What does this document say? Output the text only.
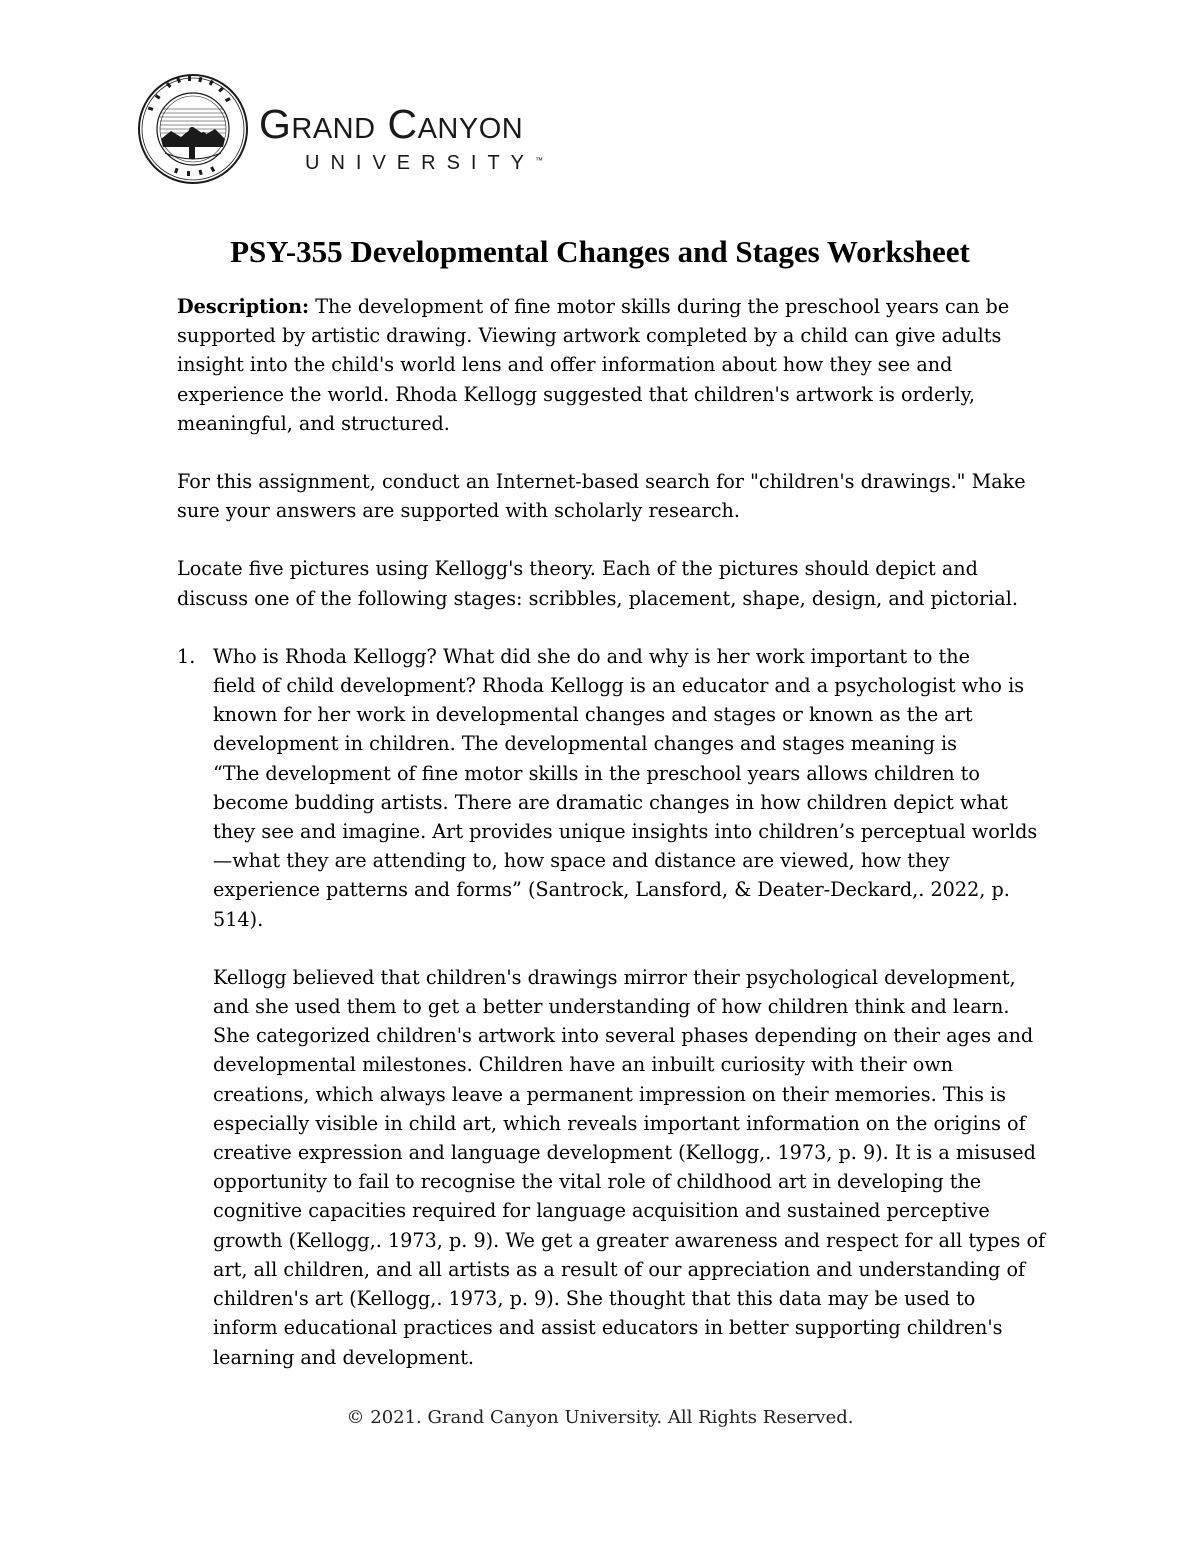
Grand Canyon
UNIVERSITY™
PSY-355 Developmental Changes and Stages Worksheet

Description: The development of fine motor skills during the preschool years can be
supported by artistic drawing. Viewing artwork completed by a child can give adults
insight into the child's world lens and offer information about how they see and
experience the world. Rhoda Kellogg suggested that children's artwork is orderly,
meaningful, and structured.

For this assignment, conduct an Internet-based search for "children's drawings." Make
sure your answers are supported with scholarly research.

Locate five pictures using Kellogg's theory. Each of the pictures should depict and
discuss one of the following stages: scribbles, placement, shape, design, and pictorial.

1. Who is Rhoda Kellogg? What did she do and why is her work important to the
field of child development? Rhoda Kellogg is an educator and a psychologist who is
known for her work in developmental changes and stages or known as the art
development in children. The developmental changes and stages meaning is
“The development of fine motor skills in the preschool years allows children to
become budding artists. There are dramatic changes in how children depict what
they see and imagine. Art provides unique insights into children’s perceptual worlds
—what they are attending to, how space and distance are viewed, how they
experience patterns and forms” (Santrock, Lansford, & Deater-Deckard,. 2022, p.
514).

Kellogg believed that children's drawings mirror their psychological development,
and she used them to get a better understanding of how children think and learn.
She categorized children's artwork into several phases depending on their ages and
developmental milestones. Children have an inbuilt curiosity with their own
creations, which always leave a permanent impression on their memories. This is
especially visible in child art, which reveals important information on the origins of
creative expression and language development (Kellogg,. 1973, p. 9). It is a misused
opportunity to fail to recognise the vital role of childhood art in developing the
cognitive capacities required for language acquisition and sustained perceptive
growth (Kellogg,. 1973, p. 9). We get a greater awareness and respect for all types of
art, all children, and all artists as a result of our appreciation and understanding of
children's art (Kellogg,. 1973, p. 9). She thought that this data may be used to
inform educational practices and assist educators in better supporting children's
learning and development.

© 2021. Grand Canyon University. All Rights Reserved.
